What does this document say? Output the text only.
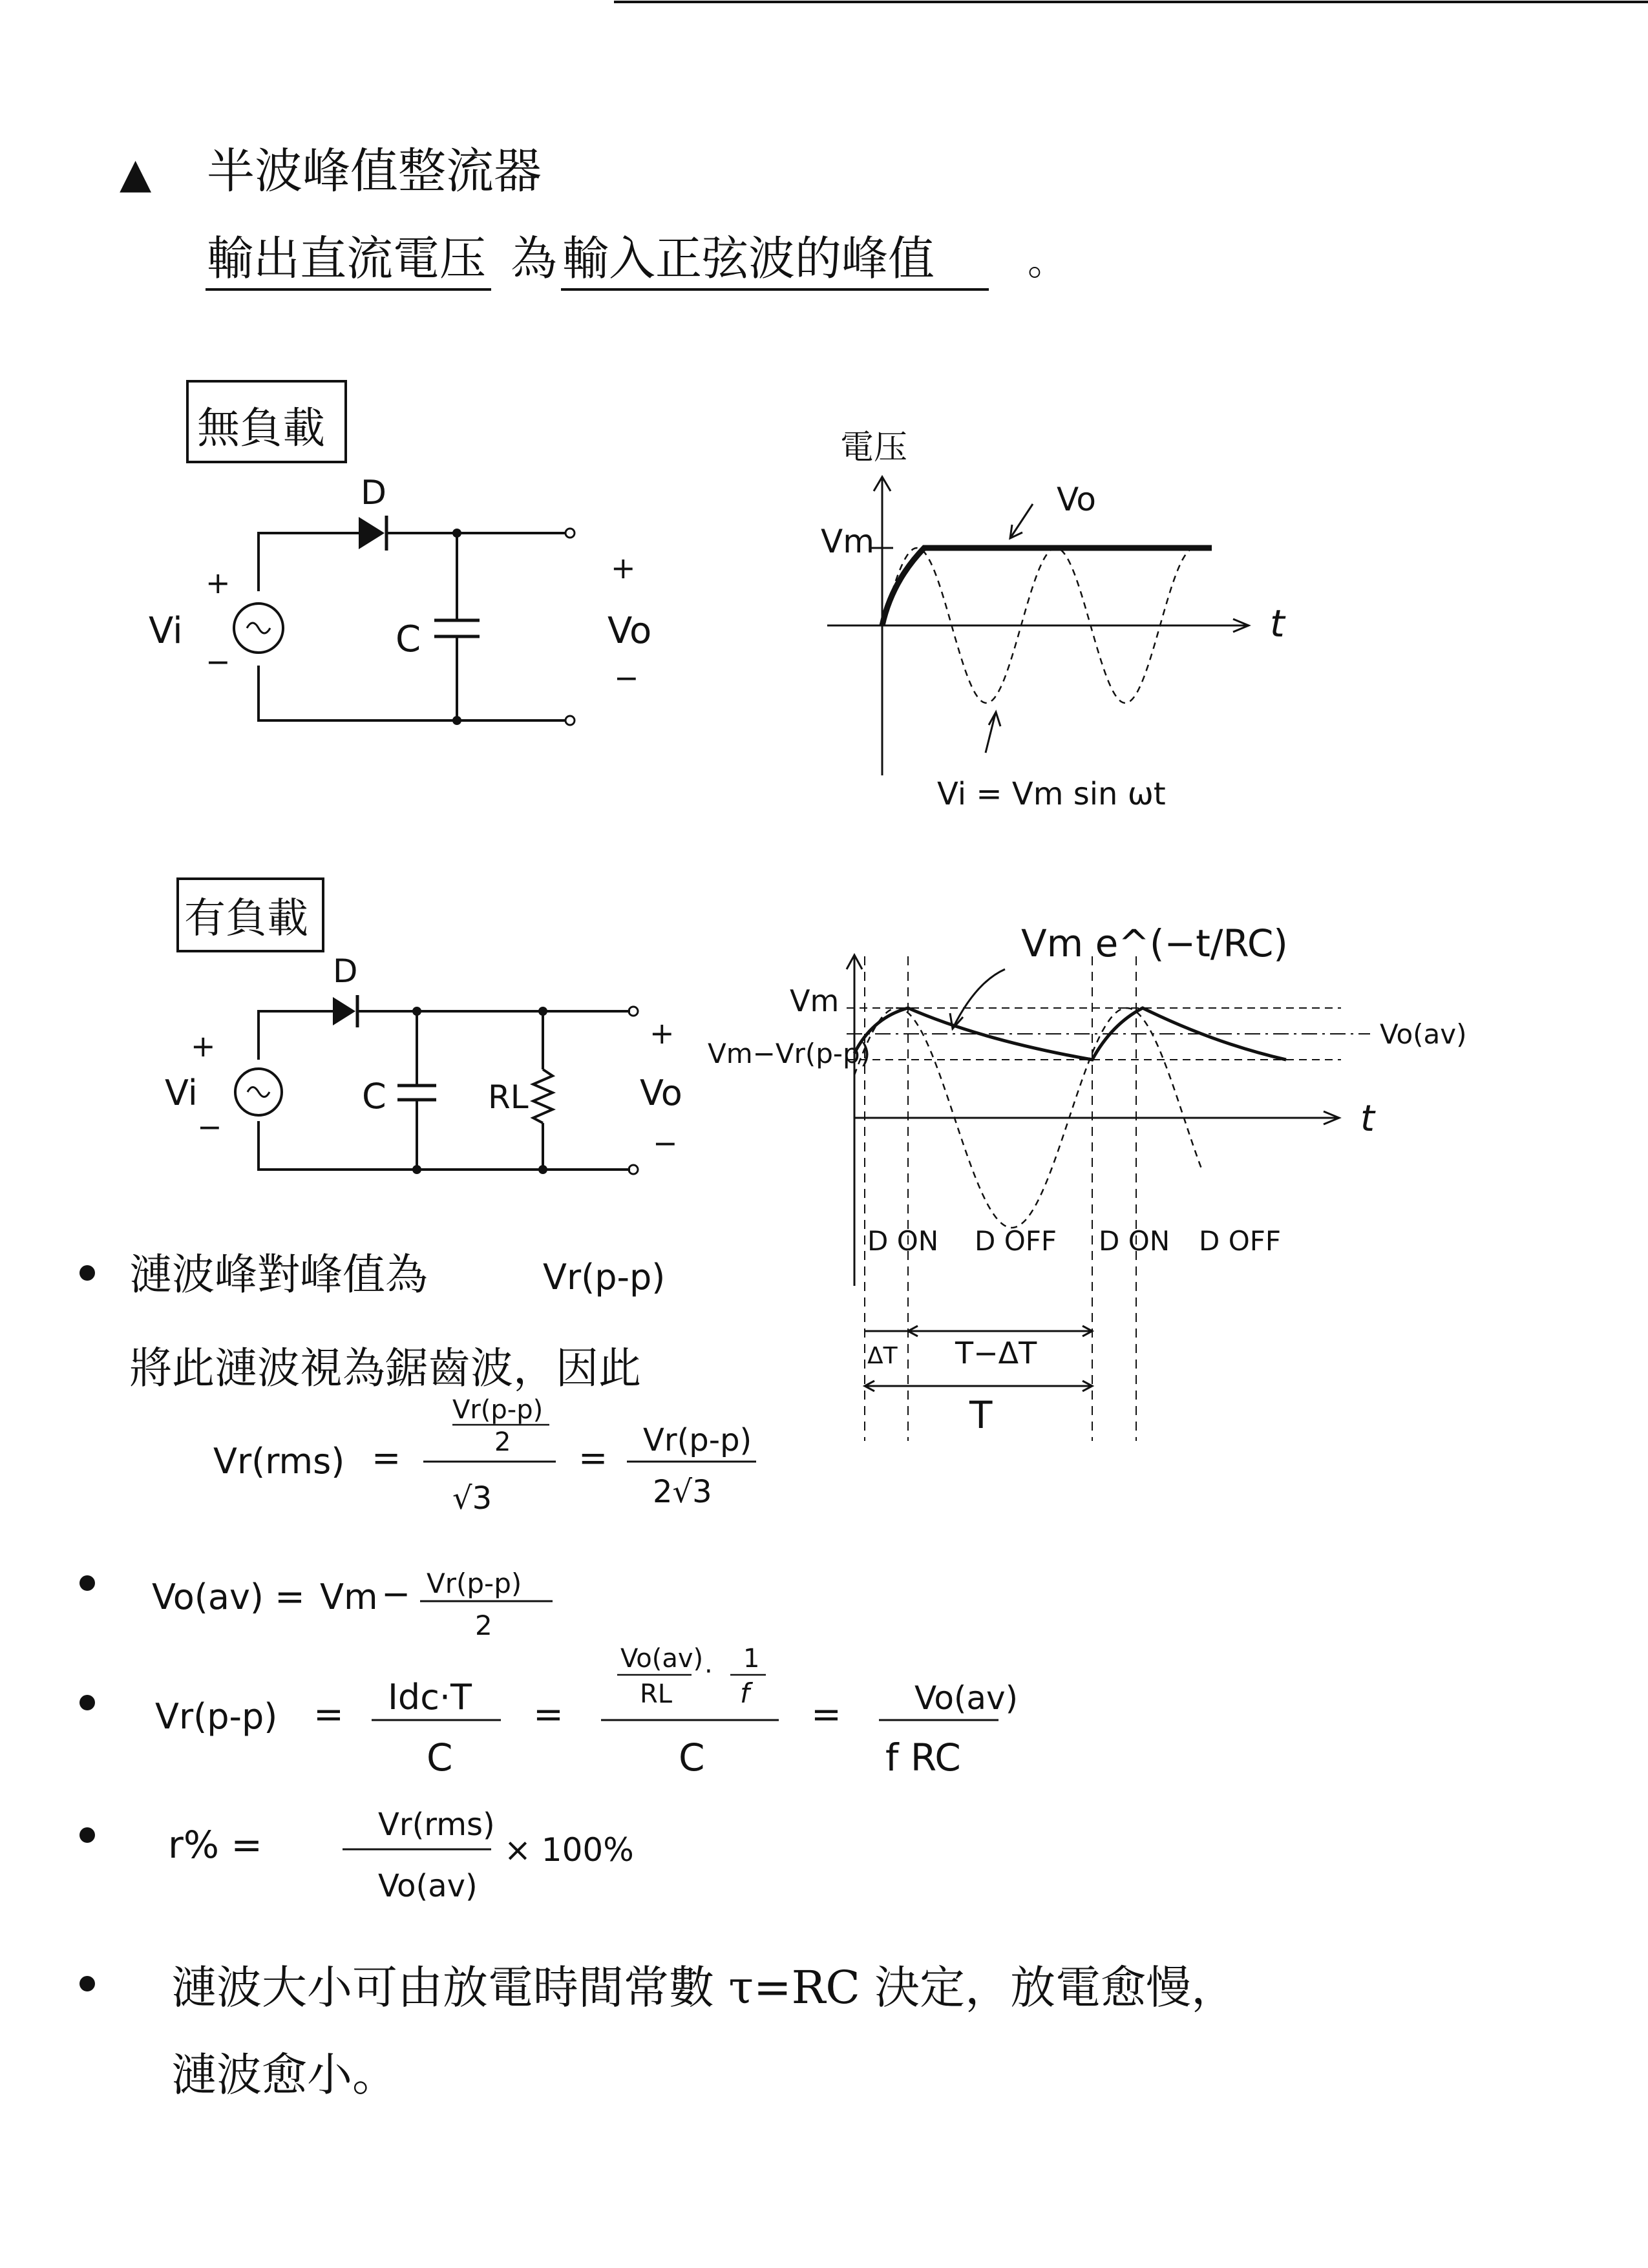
▲ 半波峰值整流器
輸出直流電压 為 輸入正弦波的峰值 。
無負載
D
+
−
Vi	C
+
Vo
−
電压
t
Vm
Vo
Vi = Vm sin ωt
有負載
D
+
−
Vi	C	RL
+
Vo
−
t
Vm
Vm−Vr(p-p)
Vo(av)
Vm e^(−t/RC)
D ON D OFF D ON D OFF
ΔT T−ΔT
T
漣波峰對峰值為	Vr(p-p)
將此漣波視為鋸齒波，因此
Vr(rms) =
Vr(p-p)
2
√3
= Vr(p-p)
2√3
Vo(av) = Vm − Vr(p-p)
2
Vr(p-p) = Idc·T
C
=
Vo(av)
RL
· 1
f
C
= Vo(av)
f RC
r% =	Vr(rms)
Vo(av)
× 100%
漣波大小可由放電時間常數 τ=RC 決定，放電愈慢，
漣波愈小。
